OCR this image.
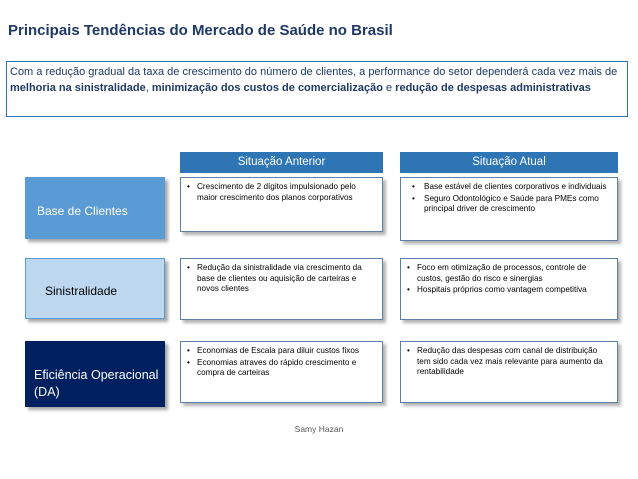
Principais Tendências do Mercado de Saúde no Brasil
Com a redução gradual da taxa de crescimento do número de clientes, a performance do setor dependerá cada vez mais de melhoria na sinistralidade, minimização dos custos de comercialização e redução de despesas administrativas
Situação Anterior	Situação Atual
Base de Clientes
• Crescimento de 2 dígitos impulsionado pelo maior crescimento dos planos corporativos
• Base estável de clientes corporativos e individuais
• Seguro Odontológico e Saúde para PMEs como principal driver de crescimento
Sinistralidade
• Redução da sinistralidade via crescimento da base de clientes ou aquisição de carteiras e novos clientes
• Foco em otimização de processos, controle de custos, gestão do risco e sinergias
• Hospitais próprios como vantagem competitiva
Eficiência Operacional (DA)
• Economias de Escala para diluir custos fixos
• Economias atraves do rápido crescimento e compra de carteiras
• Redução das despesas com canal de distribuição tem sido cada vez mais relevante para aumento da rentabilidade
Samy Hazan
